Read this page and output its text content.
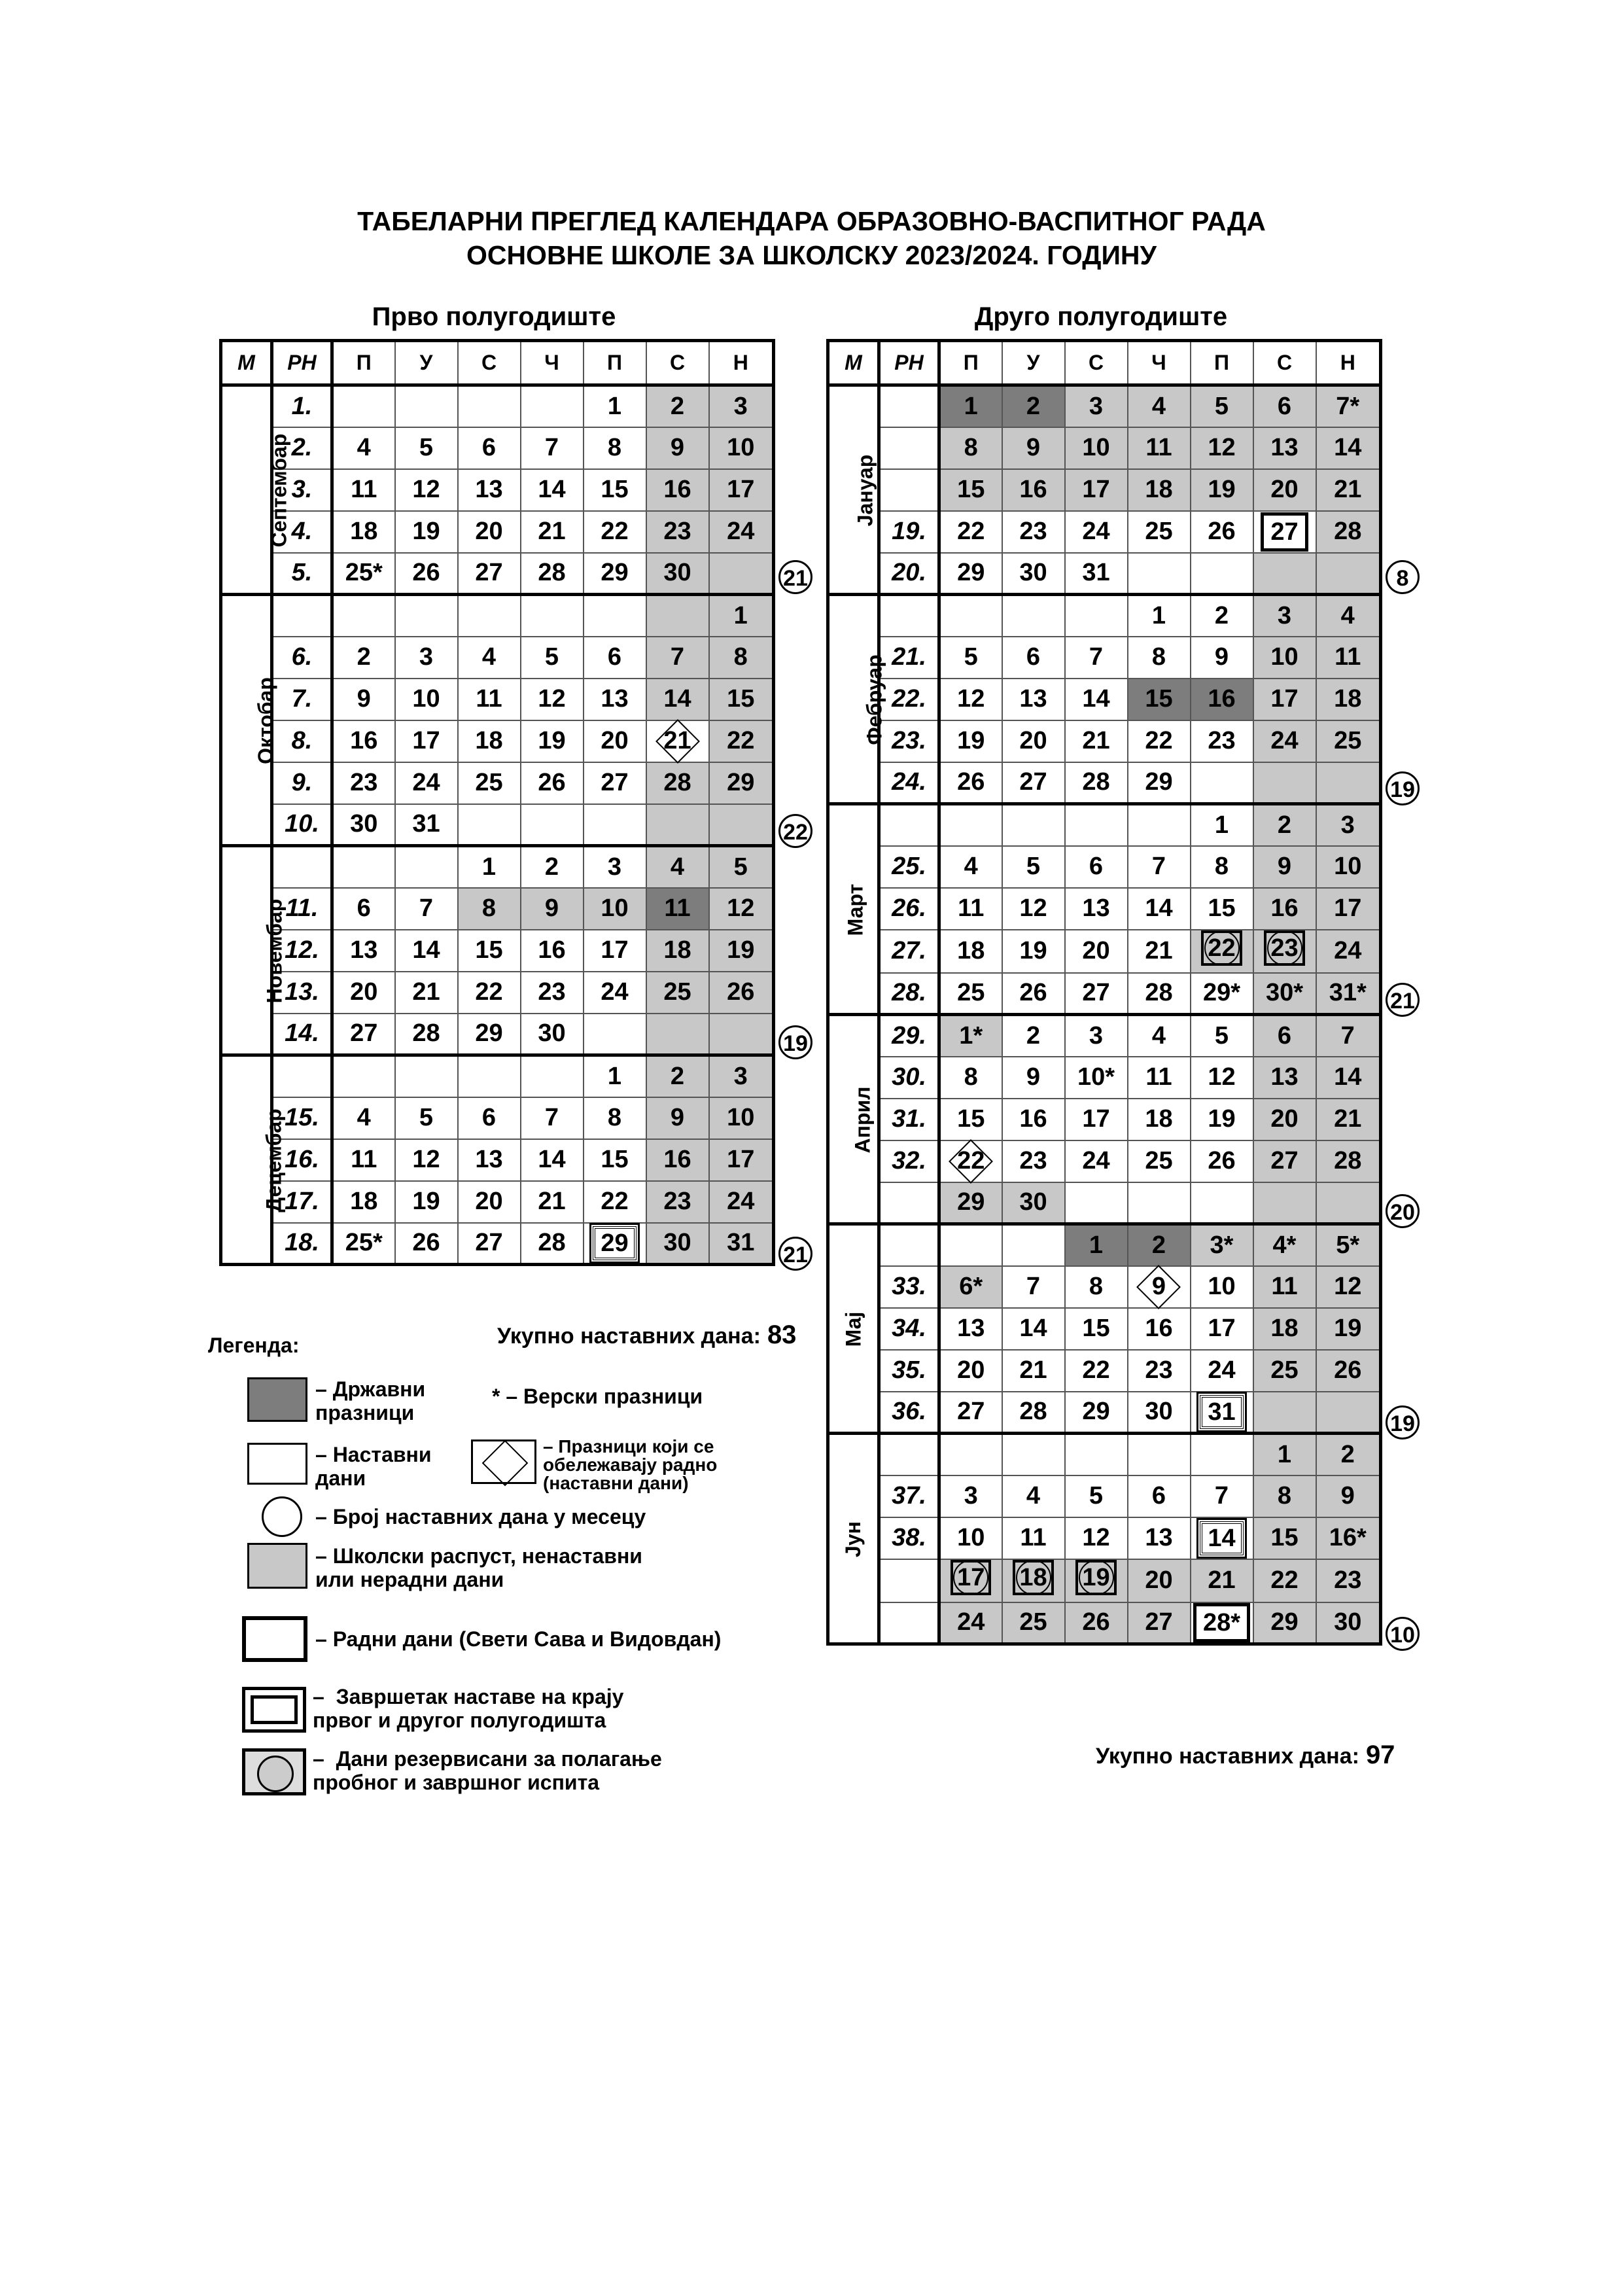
ТАБЕЛАРНИ ПРЕГЛЕД КАЛЕНДАРА ОБРАЗОВНО-ВАСПИТНОГ РАДА
ОСНОВНЕ ШКОЛЕ ЗА ШКОЛСКУ 2023/2024. ГОДИНУ
Прво полугодиште	Друго полугодиште
М	РН	П	У	С	Ч	П	С	Н
Септембар	1.					1	2	3
	2.	4	5	6	7	8	9	10
	3.	11	12	13	14	15	16	17
	4.	18	19	20	21	22	23	24
	5.	25*	26	27	28	29	30	
Октобар								1
	6.	2	3	4	5	6	7	8
	7.	9	10	11	12	13	14	15
	8.	16	17	18	19	20	21	22
	9.	23	24	25	26	27	28	29
	10.	30	31					
Новембар				1	2	3	4	5
	11.	6	7	8	9	10	11	12
	12.	13	14	15	16	17	18	19
	13.	20	21	22	23	24	25	26
	14.	27	28	29	30			
Децембар						1	2	3
	15.	4	5	6	7	8	9	10
	16.	11	12	13	14	15	16	17
	17.	18	19	20	21	22	23	24
	18.	25*	26	27	28	29	30	31
М	РН	П	У	С	Ч	П	С	Н
Јануар		1	2	3	4	5	6	7*
		8	9	10	11	12	13	14
		15	16	17	18	19	20	21
	19.	22	23	24	25	26	27	28
	20.	29	30	31				
Фебруар					1	2	3	4
	21.	5	6	7	8	9	10	11
	22.	12	13	14	15	16	17	18
	23.	19	20	21	22	23	24	25
	24.	26	27	28	29			
Март						1	2	3
	25.	4	5	6	7	8	9	10
	26.	11	12	13	14	15	16	17
	27.	18	19	20	21	22	23	24
	28.	25	26	27	28	29*	30*	31*
Април	29.	1*	2	3	4	5	6	7
	30.	8	9	10*	11	12	13	14
	31.	15	16	17	18	19	20	21
	32.	22	23	24	25	26	27	28
		29	30					
Мај				1	2	3*	4*	5*
	33.	6*	7	8	9	10	11	12
	34.	13	14	15	16	17	18	19
	35.	20	21	22	23	24	25	26
	36.	27	28	29	30	31		
Јун							1	2
	37.	3	4	5	6	7	8	9
	38.	10	11	12	13	14	15	16*
		17	18	19	20	21	22	23
		24	25	26	27	28*	29	30
Укупно наставних дана: 83
Укупно наставних дана: 97
Легенда:
– Државни
празници
* – Верски празници
– Наставни
дани
– Празници који се
обележавају радно
(наставни дани)
– Број наставних дана у месецу
– Школски распуст, ненаставни
или нерадни дани
– Радни дани (Свети Сава и Видовдан)
–  Завршетак наставе на крају
првог и другог полугодишта
–  Дани резервисани за полагање
пробног и завршног испита
21
22
19
21
8
19
21
20
19
10
